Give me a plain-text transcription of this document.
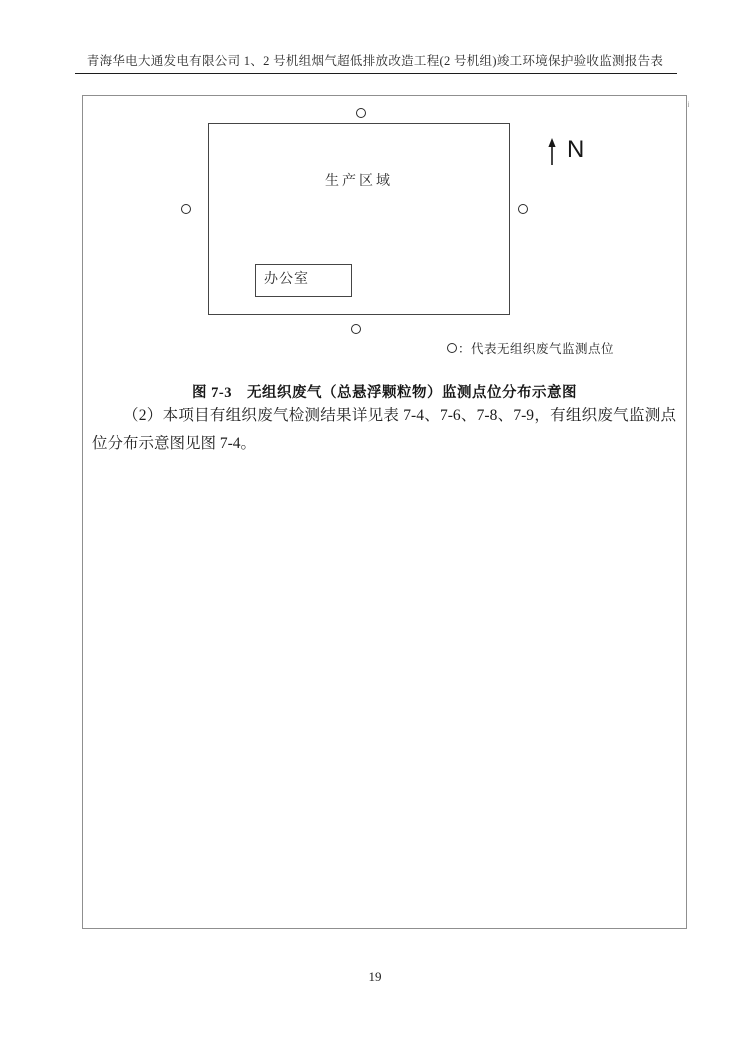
青海华电大通发电有限公司 1、2 号机组烟气超低排放改造工程(2 号机组)竣工环境保护验收监测报告表
ʲ
生产区域
办公室
N
：代表无组织废气监测点位
图 7-3　无组织废气（总悬浮颗粒物）监测点位分布示意图

（2）本项目有组织废气检测结果详见表 7-4、7-6、7-8、7-9，有组织废气监测点位分布示意图见图 7-4。

19
